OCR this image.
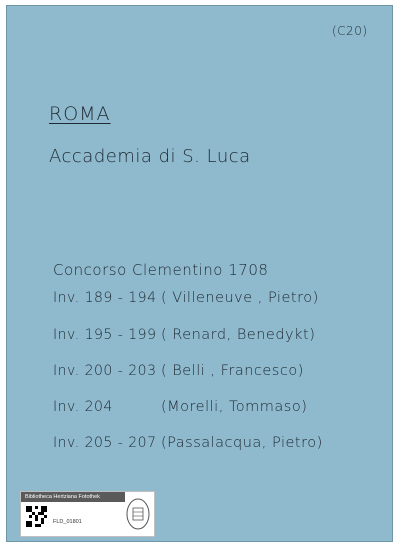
(C20)
ROMA
Accademia di S. Luca
Concorso Clementino 1708
Inv. 189 - 194 ( Villeneuve , Pietro)
Inv. 195 - 199 ( Renard, Benedykt)
Inv. 200 - 203 ( Belli , Francesco)
Inv. 204	(Morelli, Tommaso)
Inv. 205 - 207 (Passalacqua, Pietro)
Bibliotheca Hertziana Fotothek
FLD_01801
